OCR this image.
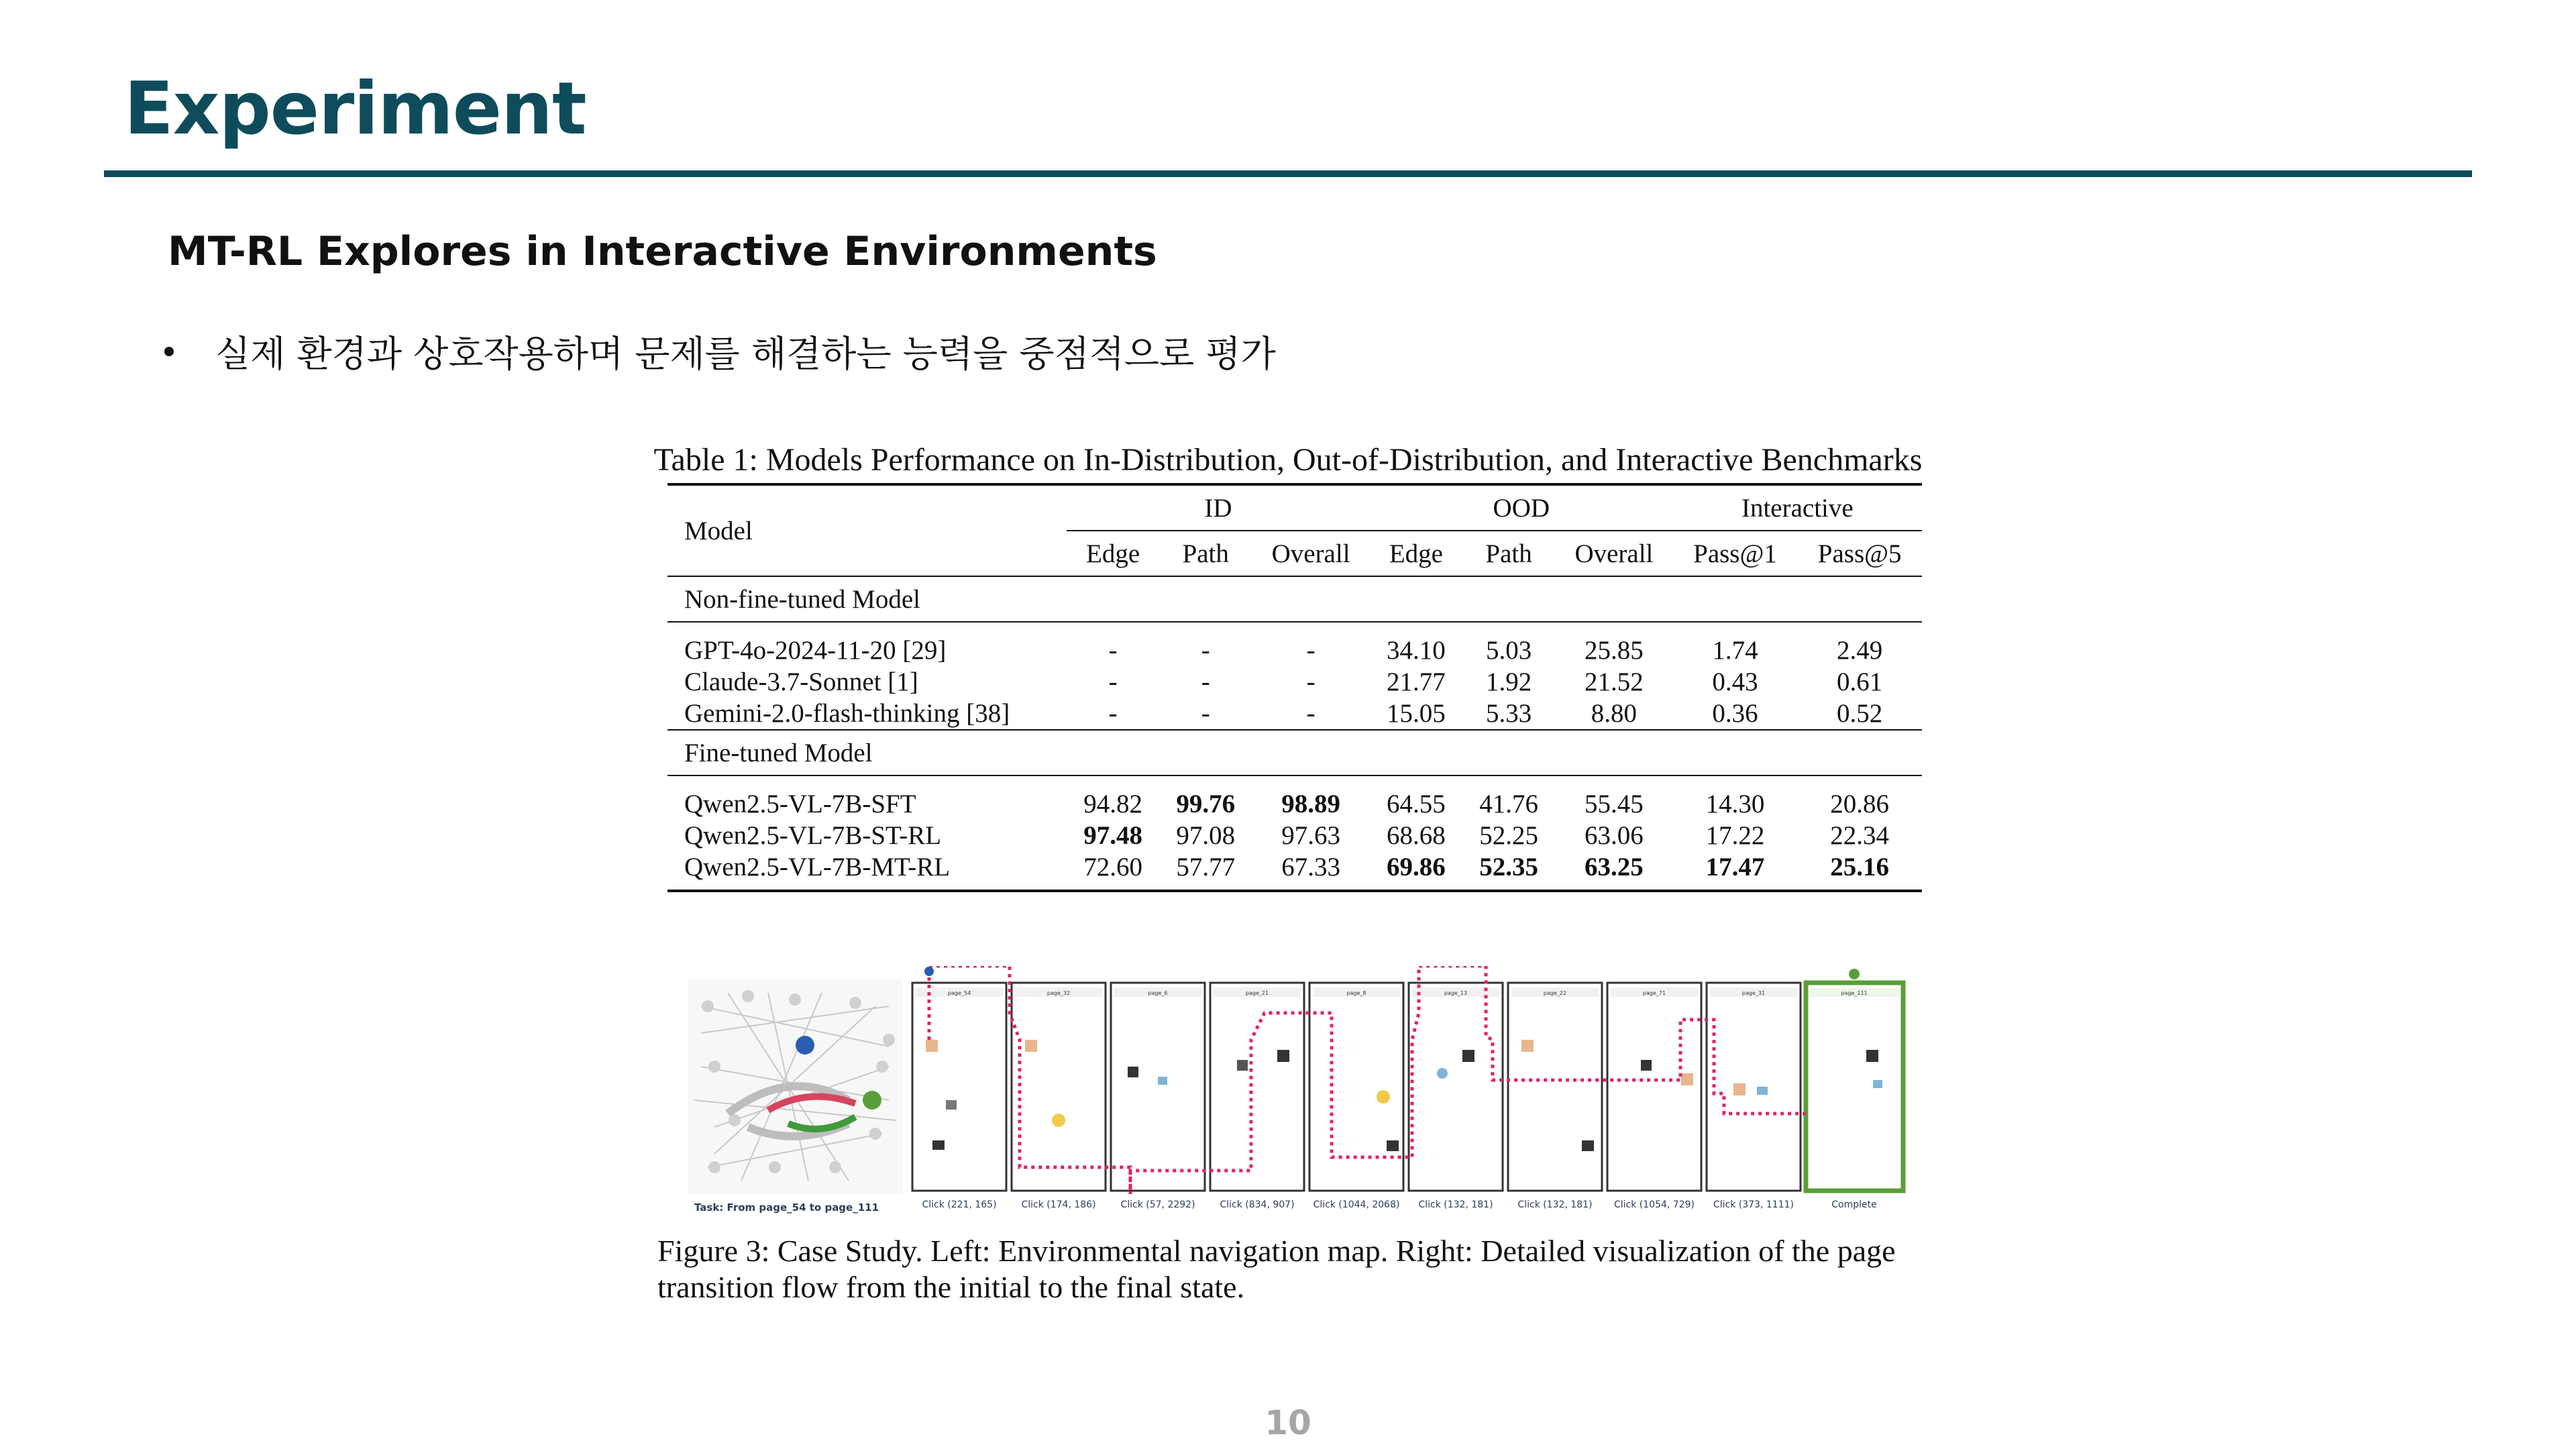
Experiment
MT-RL Explores in Interactive Environments
실제 환경과 상호작용하며 문제를 해결하는 능력을 중점적으로 평가
Table 1: Models Performance on In-Distribution, Out-of-Distribution, and Interactive Benchmarks
Model	ID			OOD			Interactive	
	Edge	Path	Overall	Edge	Path	Overall	Pass@1	Pass@5
Non-fine-tuned Model								
GPT-4o-2024-11-20 [29]	-	-	-	34.10	5.03	25.85	1.74	2.49
Claude-3.7-Sonnet [1]	-	-	-	21.77	1.92	21.52	0.43	0.61
Gemini-2.0-flash-thinking [38]	-	-	-	15.05	5.33	8.80	0.36	0.52
Fine-tuned Model								
Qwen2.5-VL-7B-SFT	94.82	99.76	98.89	64.55	41.76	55.45	14.30	20.86
Qwen2.5-VL-7B-ST-RL	97.48	97.08	97.63	68.68	52.25	63.06	17.22	22.34
Qwen2.5-VL-7B-MT-RL	72.60	57.77	67.33	69.86	52.35	63.25	17.47	25.16
Task: From page_54 to page_111
page_54
Click (221, 165)
page_32
Click (174, 186)
page_6
Click (57, 2292)
page_21
Click (834, 907)
page_8
Click (1044, 2068)
page_13
Click (132, 181)
page_22
Click (132, 181)
page_71
Click (1054, 729)
page_31
Click (373, 1111)
page_111
Complete
Figure 3: Case Study. Left: Environmental navigation map. Right: Detailed visualization of the page transition flow from the initial to the final state.
10
